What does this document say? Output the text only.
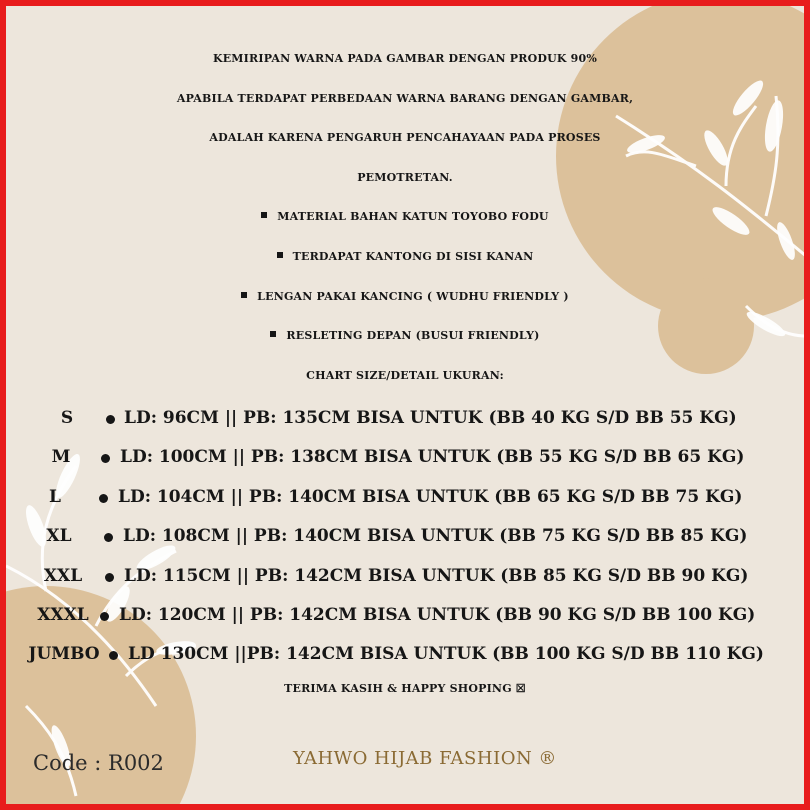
KEMIRIPAN WARNA PADA GAMBAR DENGAN PRODUK 90%
APABILA TERDAPAT PERBEDAAN WARNA BARANG DENGAN GAMBAR,
ADALAH KARENA PENGARUH PENCAHAYAAN PADA PROSES
PEMOTRETAN.
MATERIAL BAHAN KATUN TOYOBO FODU
TERDAPAT KANTONG DI SISI KANAN
LENGAN PAKAI KANCING ( WUDHU FRIENDLY )
RESLETING DEPAN (BUSUI FRIENDLY)
CHART SIZE/DETAIL UKURAN:
S	LD: 96CM || PB: 135CM BISA UNTUK (BB 40 KG S/D BB 55 KG)
M	LD: 100CM || PB: 138CM BISA UNTUK (BB 55 KG S/D BB 65 KG)
L	LD: 104CM || PB: 140CM BISA UNTUK (BB 65 KG S/D BB 75 KG)
XL	LD: 108CM || PB: 140CM BISA UNTUK (BB 75 KG S/D BB 85 KG)
XXL LD: 115CM || PB: 142CM BISA UNTUK (BB 85 KG S/D BB 90 KG)
XXXL LD: 120CM || PB: 142CM BISA UNTUK (BB 90 KG S/D BB 100 KG)
JUMBO LD 130CM ||PB: 142CM BISA UNTUK (BB 100 KG S/D BB 110 KG)
TERIMA KASIH & HAPPY SHOPING ☒
Code : R002	YAHWO HIJAB FASHION ®
